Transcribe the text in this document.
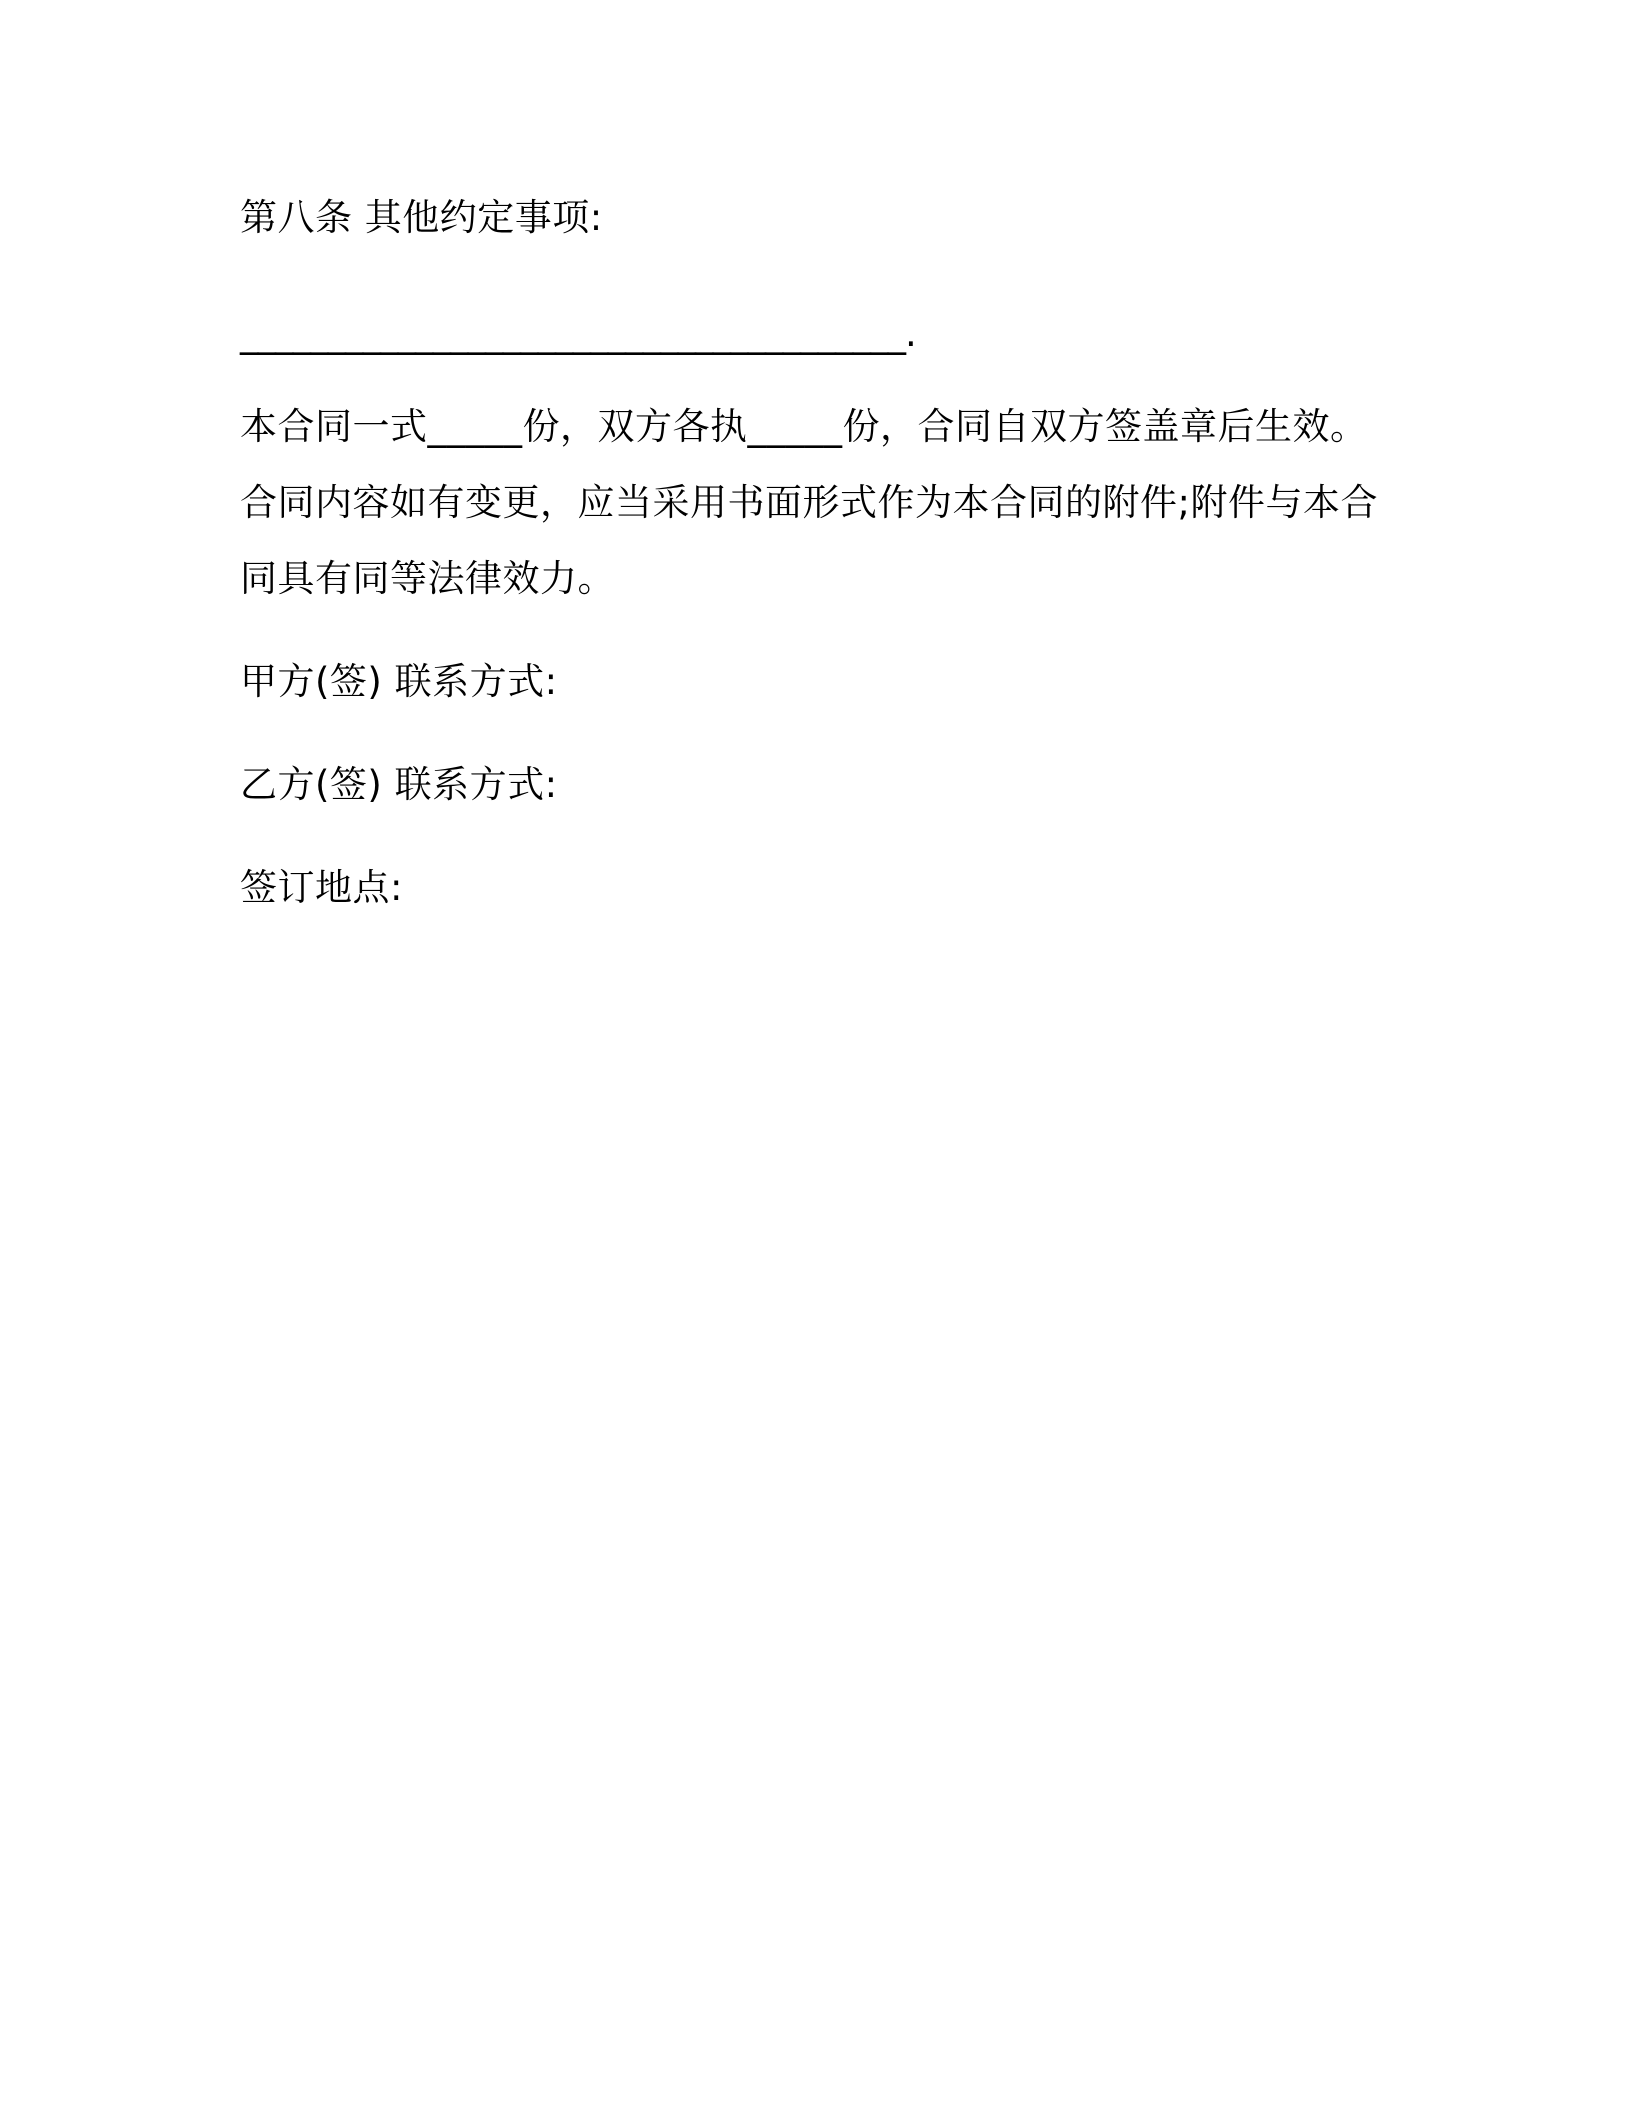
第八条 其他约定事项:
______________________________________.
本合同一式_____份，双方各执_____份，合同自双方签盖章后生效。
合同内容如有变更，应当采用书面形式作为本合同的附件;附件与本合
同具有同等法律效力。
甲方(签) 联系方式:
乙方(签) 联系方式:
签订地点:
